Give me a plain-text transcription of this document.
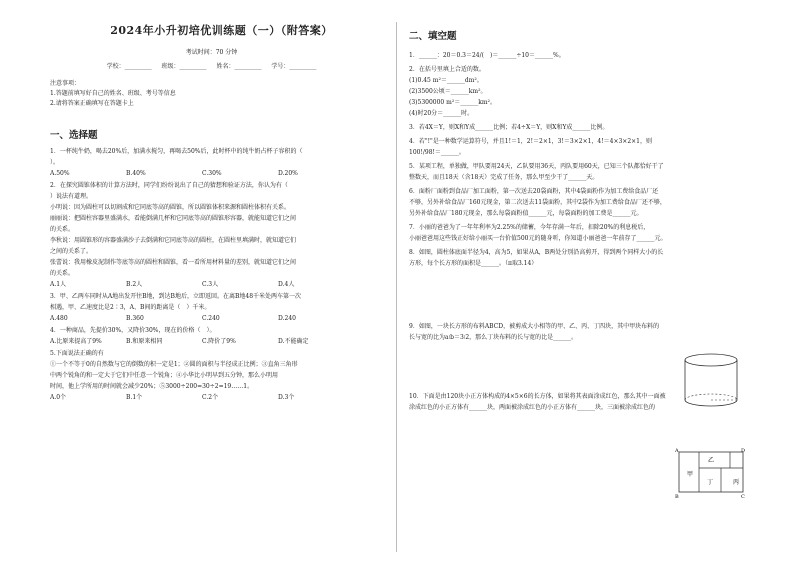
2024年小升初培优训练题（一）（附答案）
考试时间：70 分钟
学校：_________ 班级：_________ 姓名：_________ 学号：_________
注意事项：
1.答题前填写好自己的姓名、班级、考号等信息
2.请将答案正确填写在答题卡上
一、选择题
1．一杯纯牛奶，喝去20%后，加满水搅匀，再喝去50%后，此时杯中的纯牛奶占杯子容积的（
）。
A.50%	B.40%	C.30%	D.20%
2．在探究圆锥体积的计算方法时，同学们纷纷说出了自己的猜想和验证方法，你认为有（
）说法有道理。
小明说：因为圆柱可以切割成和它同底等高的圆锥，所以圆锥体积来源和圆柱体积有关系。
丽丽说：把圆柱容器里盛满水，看能倒满几杯和它同底等高的圆锥形容器，就能知道它们之间
的关系。
李秋说：用圆锥形的容器盛满沙子去倒满和它同底等高的圆柱，在圆柱里填满时，就知道它们
之间的关系了。
张蕾说：我用橡皮泥制作等底等高的圆柱和圆锥，看一看所用材料量的差别，就知道它们之间
的关系。
A.1人	B.2人	C.3人	D.4人
3．甲、乙两车同时从A地出发开往B地，到达B地后，立即返回。在离B地48千米处两车第一次
相遇，甲、乙速度比是2∶3，A、B间的距离是（　）千米。
A.480	B.360	C.240	D.240
4．一种商品，先提价30%，又降价30%，现在的价格（　）。
A.比原来提高了9%	B.和原来相同	C.降价了9%	D.不能确定
5.下面说法正确的有
①一个不等于0的自然数与它的倒数的积一定是1；②圆的面积与半径成正比例；③直角三角形
中两个锐角的和一定大于它们中任意一个锐角；④小华比小明早到五分钟，那么小明用
时间，他上学所用的时间就会减少20%；⑤3000÷200=30÷2=19……1。
A.0个	B.1个	C.2个	D.3个
二、填空题
1．______：20＝0.3＝24/(　)＝______÷10＝______%。
2．在括号里填上合适的数。
(1)0.45 m²＝______dm²。
(2)3500公顷＝______km²。
(3)5300000 m²＝______km²。
(4)时20分＝______时。
3．若4X＝Y，则X和Y成______比例；若4÷X＝Y，则X和Y成______比例。
4．若"!"是一种数学运算符号，并且1!＝1，2!＝2×1，3!＝3×2×1，4!＝4×3×2×1，则
100!/98!＝______。
5．某项工程，单独做，甲队要用24天，乙队要用36天，丙队要用60天，已知三个队都恰好干了
整数天，而且18天（含18天）完成了任务，那么甲至少干了______天。
6．面粉厂面粉到食品厂加工面粉，第一次送去20袋面粉，其中4袋面粉作为加工费给食品厂还
不够，另外补给食品厂160元现金，第二次送去11袋面粉，其中2袋作为加工费给食品厂还不够，
另外补给食品厂180元现金，那么每袋面粉值______元，每袋面粉的加工费是______元。
7．小丽的爸爸为了一年年利率为2.25%的储蓄，今年存满一年后，扣除20%的利息税后，
小丽爸爸用这些钱正好给小丽买一台价值500元的随身听，你知道小丽爸爸一年前存了______元。
8．如图，圆柱体底面半径为4，高为5，如果从A，B两处分别沿高剪开，得到两个同样大小的长
方形，每个长方形的面积是______。（π取3.14）
9．如图，一块长方形的布料ABCD，被剪成大小相等的甲、乙、丙、丁四块，其中甲块布料的
长与宽的比为a∶b＝3∶2，那么丁块布料的长与宽的比是______。
10．下面是由120块小正方体构成的4×5×6的长方体，如果将其表面涂成红色，那么其中一面被
涂成红色的小正方体有______块，两面被涂成红色的小正方体有______块，三面被涂成红色的
甲
乙
丙
丁
A
B
D
C
